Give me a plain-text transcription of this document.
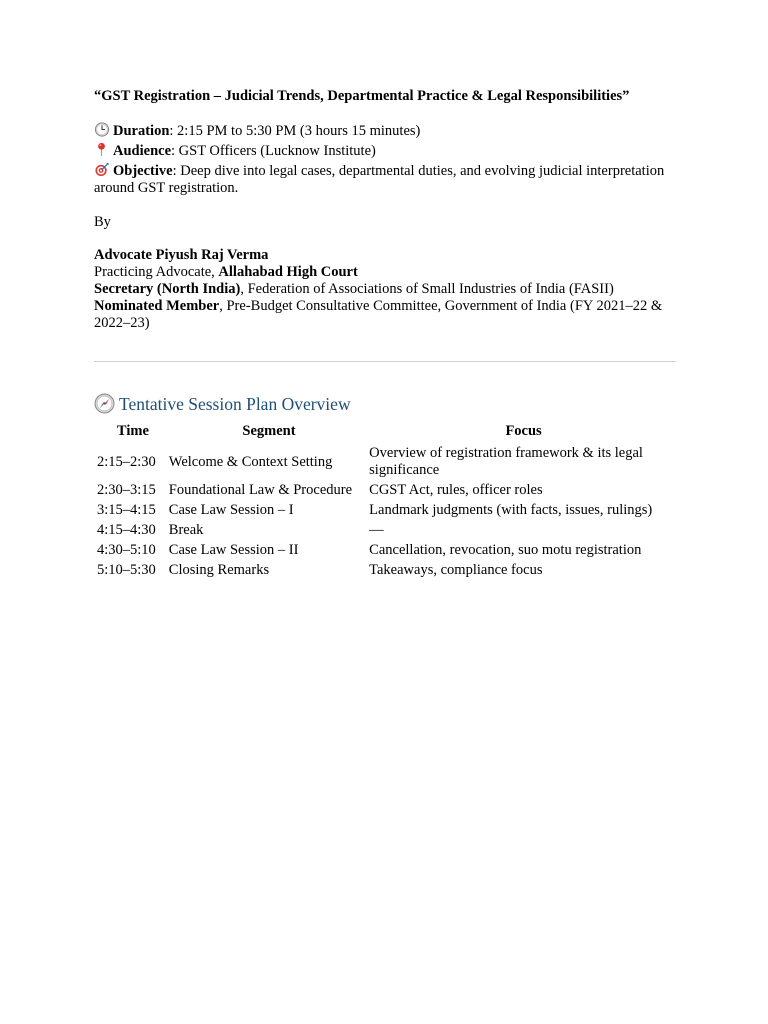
“GST Registration – Judicial Trends, Departmental Practice & Legal Responsibilities”

Duration: 2:15 PM to 5:30 PM (3 hours 15 minutes)
Audience: GST Officers (Lucknow Institute)
Objective: Deep dive into legal cases, departmental duties, and evolving judicial interpretation around GST registration.
By
Advocate Piyush Raj Verma
Practicing Advocate, Allahabad High Court
Secretary (North India), Federation of Associations of Small Industries of India (FASII)
Nominated Member, Pre-Budget Consultative Committee, Government of India (FY 2021–22 & 2022–23)
Tentative Session Plan Overview
Time	Segment	Focus
2:15–2:30	Welcome & Context Setting	Overview of registration framework & its legal significance
2:30–3:15	Foundational Law & Procedure	CGST Act, rules, officer roles
3:15–4:15	Case Law Session – I	Landmark judgments (with facts, issues, rulings)
4:15–4:30	Break	—
4:30–5:10	Case Law Session – II	Cancellation, revocation, suo motu registration
5:10–5:30	Closing Remarks	Takeaways, compliance focus
